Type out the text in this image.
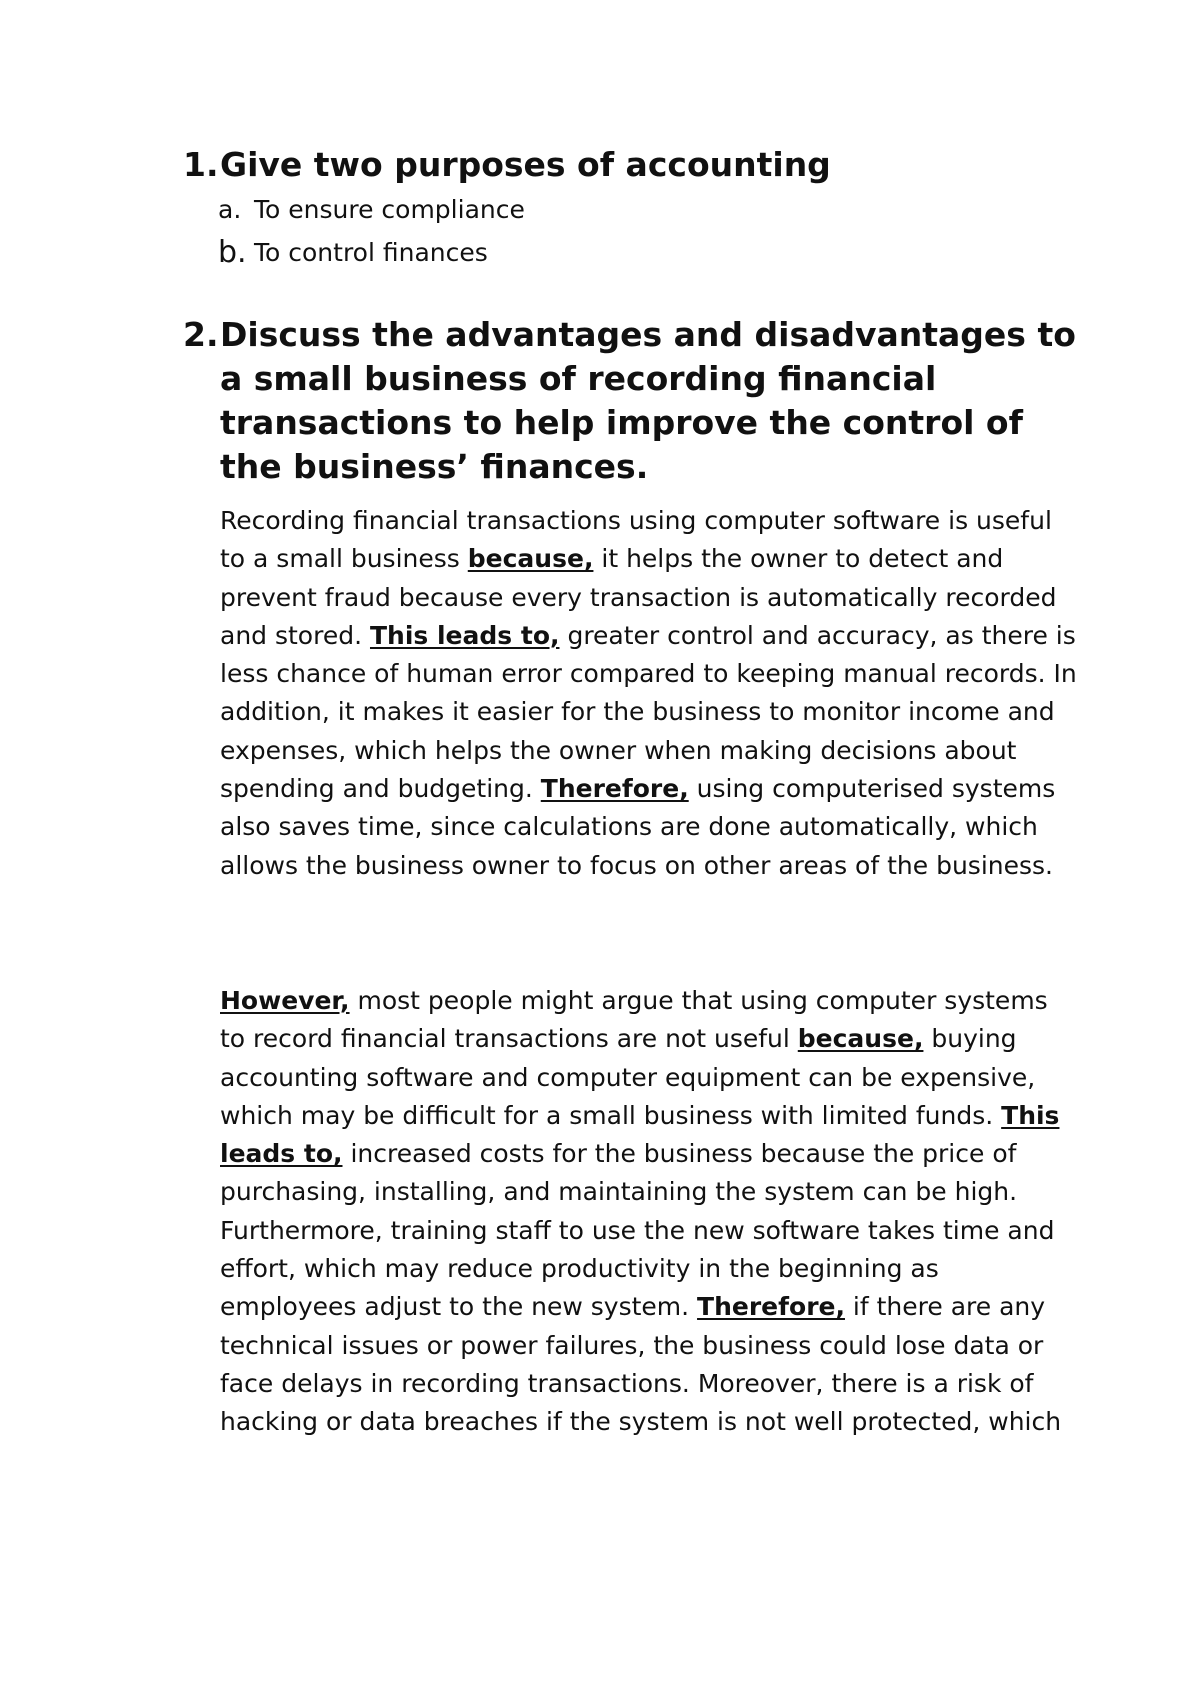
1. Give two purposes of accounting
a. To ensure compliance
b. To control finances
2. Discuss the advantages and disadvantages to a small business of recording financial transactions to help improve the control of the business’ finances.

Recording financial transactions using computer software is useful to a small business because, it helps the owner to detect and prevent fraud because every transaction is automatically recorded and stored. This leads to, greater control and accuracy, as there is less chance of human error compared to keeping manual records. In addition, it makes it easier for the business to monitor income and expenses, which helps the owner when making decisions about spending and budgeting. Therefore, using computerised systems also saves time, since calculations are done automatically, which allows the business owner to focus on other areas of the business.

However, most people might argue that using computer systems to record financial transactions are not useful because, buying accounting software and computer equipment can be expensive, which may be difficult for a small business with limited funds. This leads to, increased costs for the business because the price of purchasing, installing, and maintaining the system can be high. Furthermore, training staff to use the new software takes time and effort, which may reduce productivity in the beginning as employees adjust to the new system. Therefore, if there are any technical issues or power failures, the business could lose data or face delays in recording transactions. Moreover, there is a risk of hacking or data breaches if the system is not well protected, which
